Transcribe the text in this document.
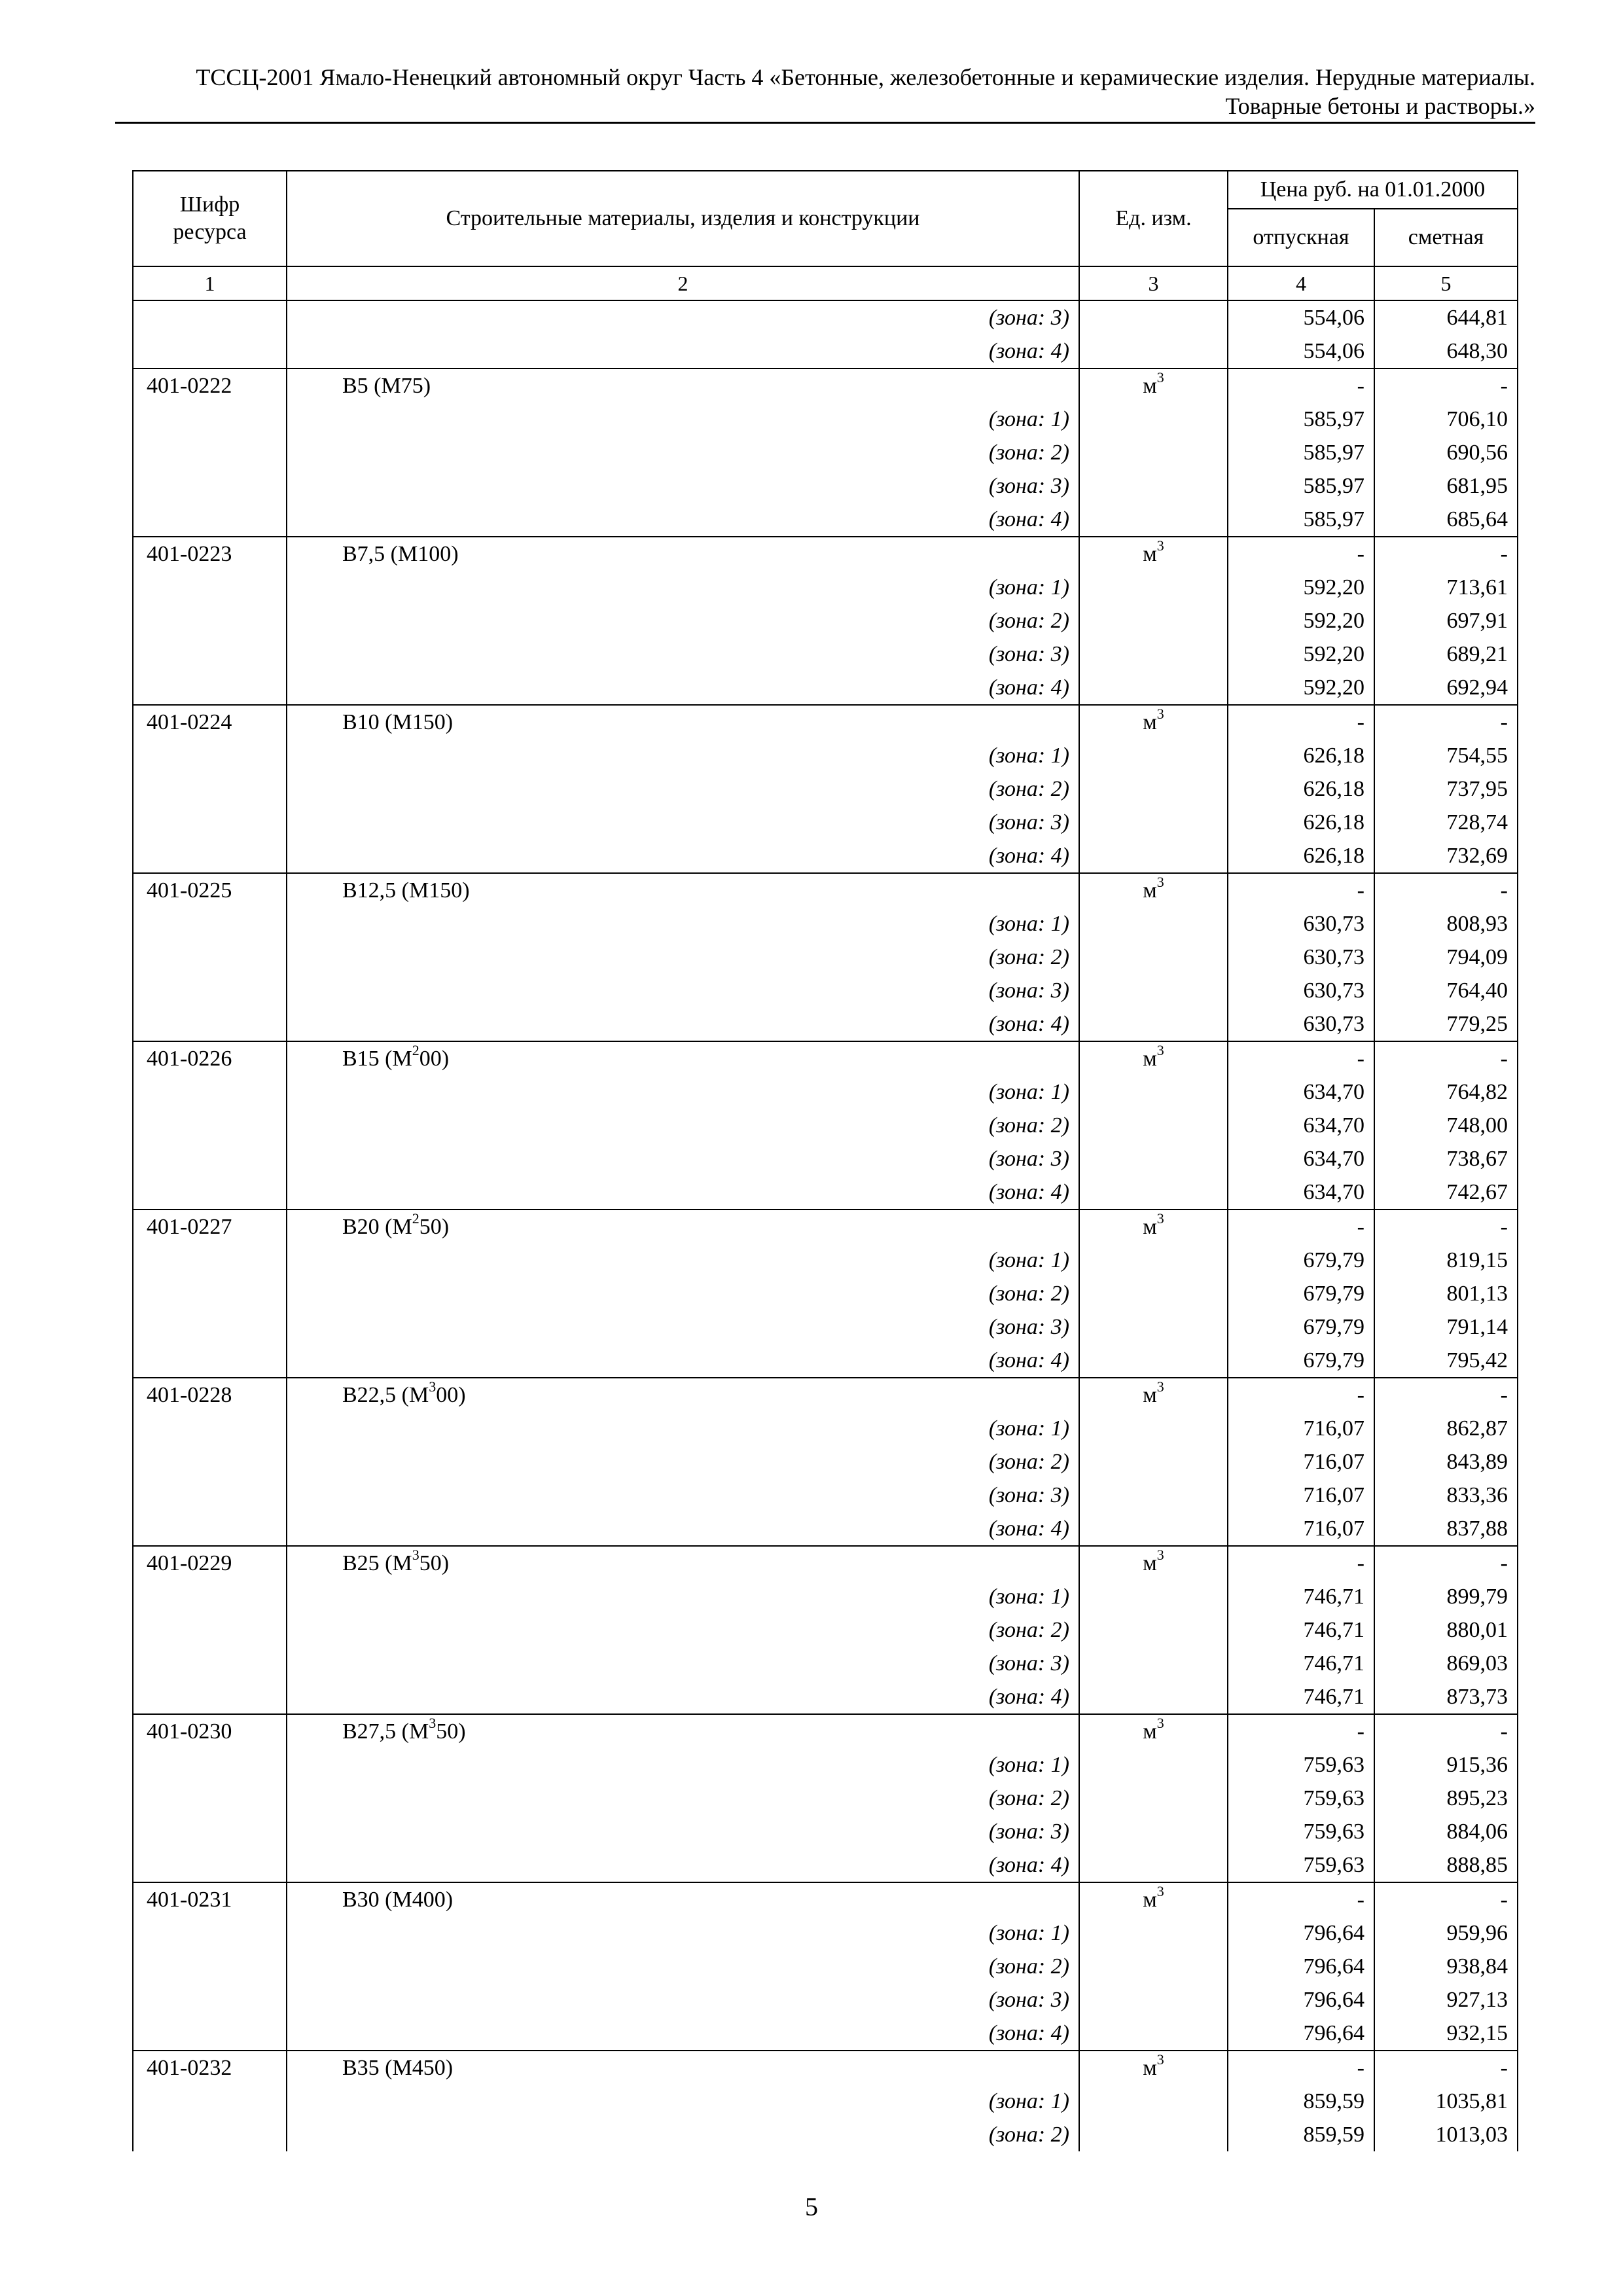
ТССЦ-2001 Ямало-Ненецкий автономный округ Часть 4 «Бетонные, железобетонные и керамические изделия. Нерудные материалы.
Товарные бетоны и растворы.»
Шифр ресурса	Строительные материалы, изделия и конструкции	Ед. изм.	Цена руб. на 01.01.2000	
			отпускная	сметная
1	2	3	4	5
	(зона: 3)		554,06	644,81
	(зона: 4)		554,06	648,30
401-0222	В5 (М75)	$м^3$	-	-
	(зона: 1)		585,97	706,10
	(зона: 2)		585,97	690,56
	(зона: 3)		585,97	681,95
	(зона: 4)		585,97	685,64
401-0223	В7,5 (М100)	$м^3$	-	-
	(зона: 1)		592,20	713,61
	(зона: 2)		592,20	697,91
	(зона: 3)		592,20	689,21
	(зона: 4)		592,20	692,94
401-0224	В10 (М150)	$м^3$	-	-
	(зона: 1)		626,18	754,55
	(зона: 2)		626,18	737,95
	(зона: 3)		626,18	728,74
	(зона: 4)		626,18	732,69
401-0225	В12,5 (М150)	$м^3$	-	-
	(зона: 1)		630,73	808,93
	(зона: 2)		630,73	794,09
	(зона: 3)		630,73	764,40
	(зона: 4)		630,73	779,25
401-0226	В15 $(М^200)$	$м^3$	-	-
	(зона: 1)		634,70	764,82
	(зона: 2)		634,70	748,00
	(зона: 3)		634,70	738,67
	(зона: 4)		634,70	742,67
401-0227	В20 $(М^250)$	$м^3$	-	-
	(зона: 1)		679,79	819,15
	(зона: 2)		679,79	801,13
	(зона: 3)		679,79	791,14
	(зона: 4)		679,79	795,42
401-0228	В22,5 $(М^300)$	$м^3$	-	-
	(зона: 1)		716,07	862,87
	(зона: 2)		716,07	843,89
	(зона: 3)		716,07	833,36
	(зона: 4)		716,07	837,88
401-0229	В25 $(М^350)$	$м^3$	-	-
	(зона: 1)		746,71	899,79
	(зона: 2)		746,71	880,01
	(зона: 3)		746,71	869,03
	(зона: 4)		746,71	873,73
401-0230	В27,5 $(М^350)$	$м^3$	-	-
	(зона: 1)		759,63	915,36
	(зона: 2)		759,63	895,23
	(зона: 3)		759,63	884,06
	(зона: 4)		759,63	888,85
401-0231	В30 (М400)	$м^3$	-	-
	(зона: 1)		796,64	959,96
	(зона: 2)		796,64	938,84
	(зона: 3)		796,64	927,13
	(зона: 4)		796,64	932,15
401-0232	В35 (М450)	$м^3$	-	-
	(зона: 1)		859,59	1035,81
	(зона: 2)		859,59	1013,03
5
